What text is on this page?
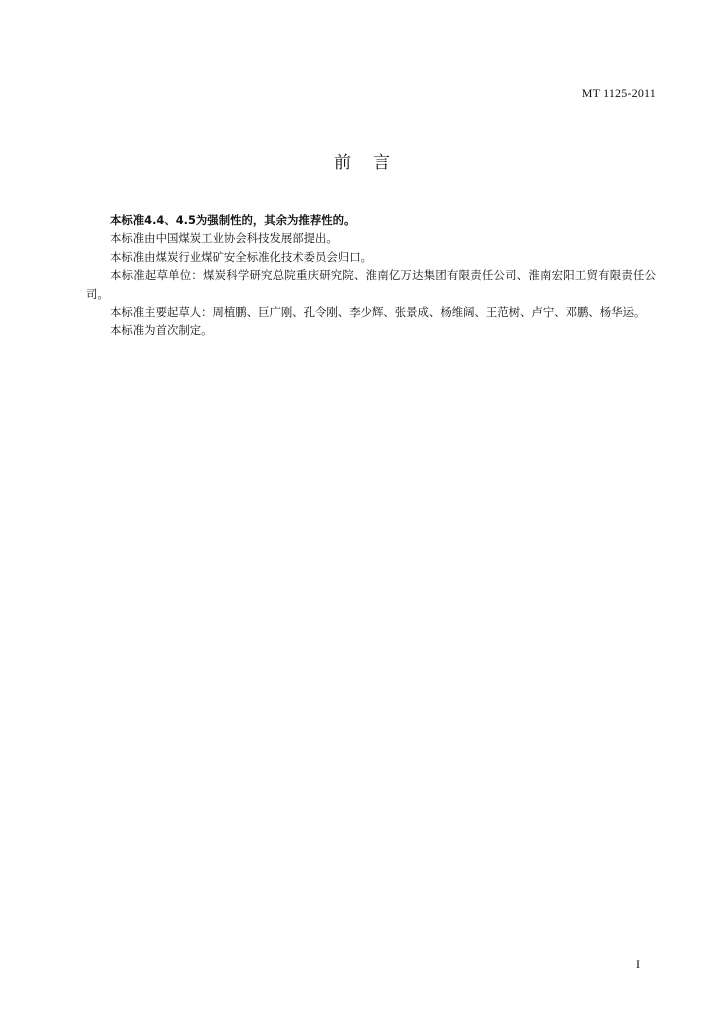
MT 1125-2011
前言

本标准4.4、4.5为强制性的，其余为推荐性的。

本标准由中国煤炭工业协会科技发展部提出。

本标准由煤炭行业煤矿安全标准化技术委员会归口。

本标准起草单位：煤炭科学研究总院重庆研究院、淮南亿万达集团有限责任公司、淮南宏阳工贸有限责任公司。

本标准主要起草人：周植鹏、巨广刚、孔令刚、李少辉、张景成、杨维阔、王范树、卢宁、邓鹏、杨华运。

本标准为首次制定。

I
